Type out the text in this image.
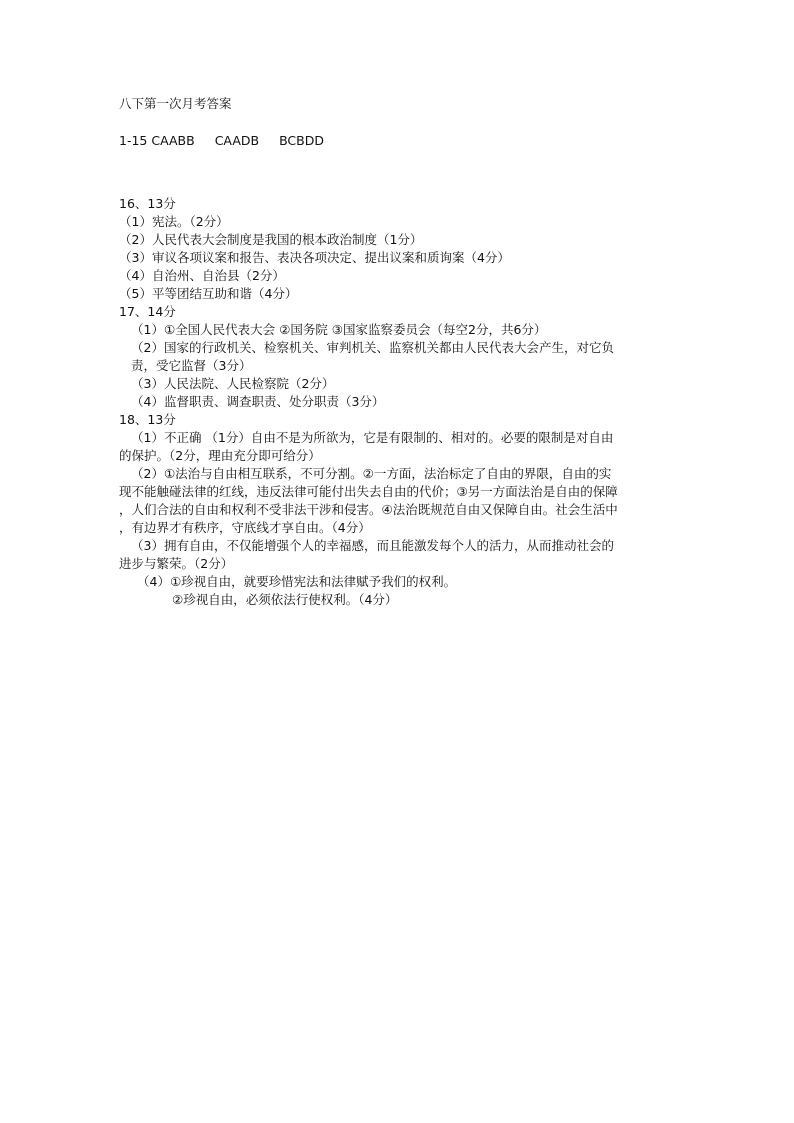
八下第一次月考答案
1-15 CAABB CAADB BCBDD
16、13分
（1）宪法。（2分）
（2）人民代表大会制度是我国的根本政治制度（1分）
（3）审议各项议案和报告、表决各项决定、提出议案和质询案（4分）
（4）自治州、自治县（2分）
（5）平等团结互助和谐（4分）
17、14分
（1）①全国人民代表大会 ②国务院 ③国家监察委员会（每空2分，共6分）
（2）国家的行政机关、检察机关、审判机关、监察机关都由人民代表大会产生，对它负
责，受它监督（3分）
（3）人民法院、人民检察院（2分）
（4）监督职责、调查职责、处分职责（3分）
18、13分
（1）不正确 （1分）自由不是为所欲为，它是有限制的、相对的。必要的限制是对自由
的保护。（2分，理由充分即可给分）
（2）①法治与自由相互联系，不可分割。②一方面，法治标定了自由的界限，自由的实
现不能触碰法律的红线，违反法律可能付出失去自由的代价；③另一方面法治是自由的保障
，人们合法的自由和权利不受非法干涉和侵害。④法治既规范自由又保障自由。社会生活中
，有边界才有秩序，守底线才享自由。（4分）
（3）拥有自由，不仅能增强个人的幸福感，而且能激发每个人的活力，从而推动社会的
进步与繁荣。（2分）
（4）①珍视自由，就要珍惜宪法和法律赋予我们的权利。
②珍视自由，必须依法行使权利。（4分）
